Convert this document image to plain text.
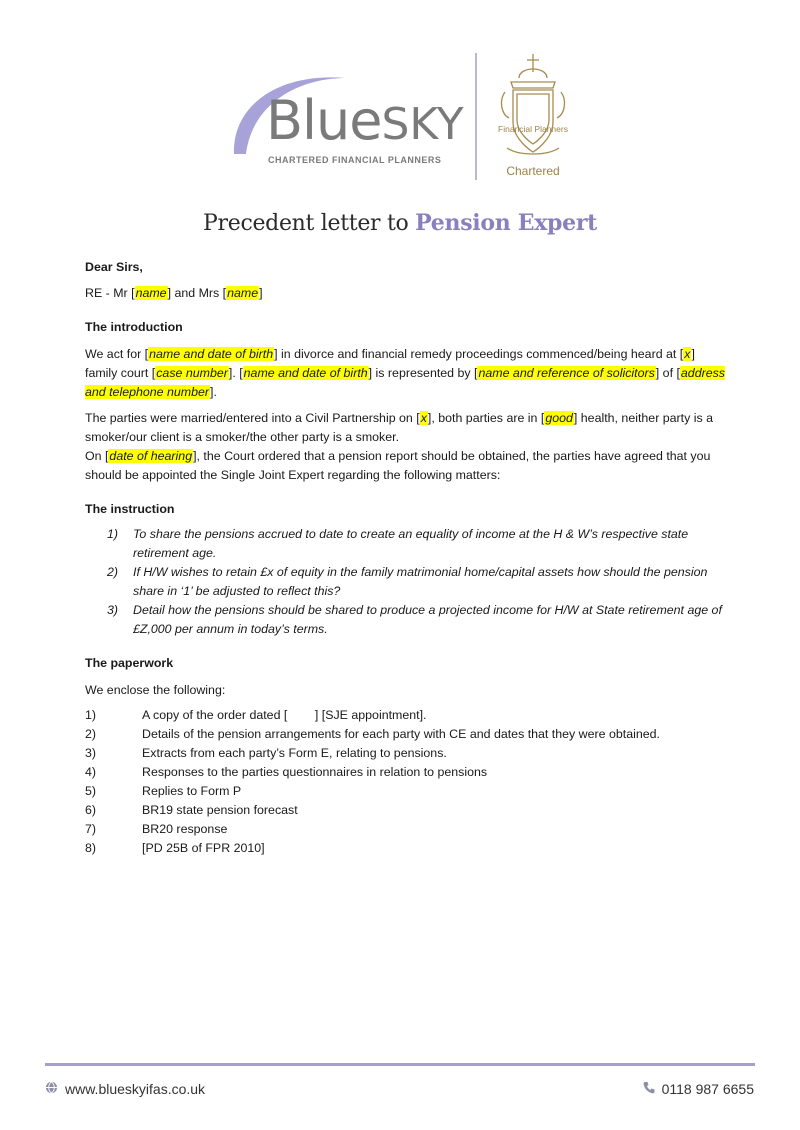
BlueSKY

CHARTERED FINANCIAL PLANNERS

Financial Planners

Chartered

Precedent letter to Pension Expert

Dear Sirs,

RE - Mr [name] and Mrs [name]

The introduction

We act for [name and date of birth] in divorce and financial remedy proceedings commenced/being heard at [x] family court [case number]. [name and date of birth] is represented by [name and reference of solicitors] of [address and telephone number].

The parties were married/entered into a Civil Partnership on [x], both parties are in [good] health, neither party is a smoker/our client is a smoker/the other party is a smoker.

On [date of hearing], the Court ordered that a pension report should be obtained, the parties have agreed that you should be appointed the Single Joint Expert regarding the following matters:

The instruction

1)	To share the pensions accrued to date to create an equality of income at the H & W’s respective state retirement age.
2)	If H/W wishes to retain £x of equity in the family matrimonial home/capital assets how should the pension share in ‘1’ be adjusted to reflect this?
3)	Detail how the pensions should be shared to produce a projected income for H/W at State retirement age of £Z,000 per annum in today’s terms.

The paperwork

We enclose the following:

1)	A copy of the order dated [        ] [SJE appointment].
2)	Details of the pension arrangements for each party with CE and dates that they were obtained.
3)	Extracts from each party’s Form E, relating to pensions.
4)	Responses to the parties questionnaires in relation to pensions
5)	Replies to Form P
6)	BR19 state pension forecast
7)	BR20 response
8)	[PD 25B of FPR 2010]
www.blueskyifas.co.uk	0118 987 6655
